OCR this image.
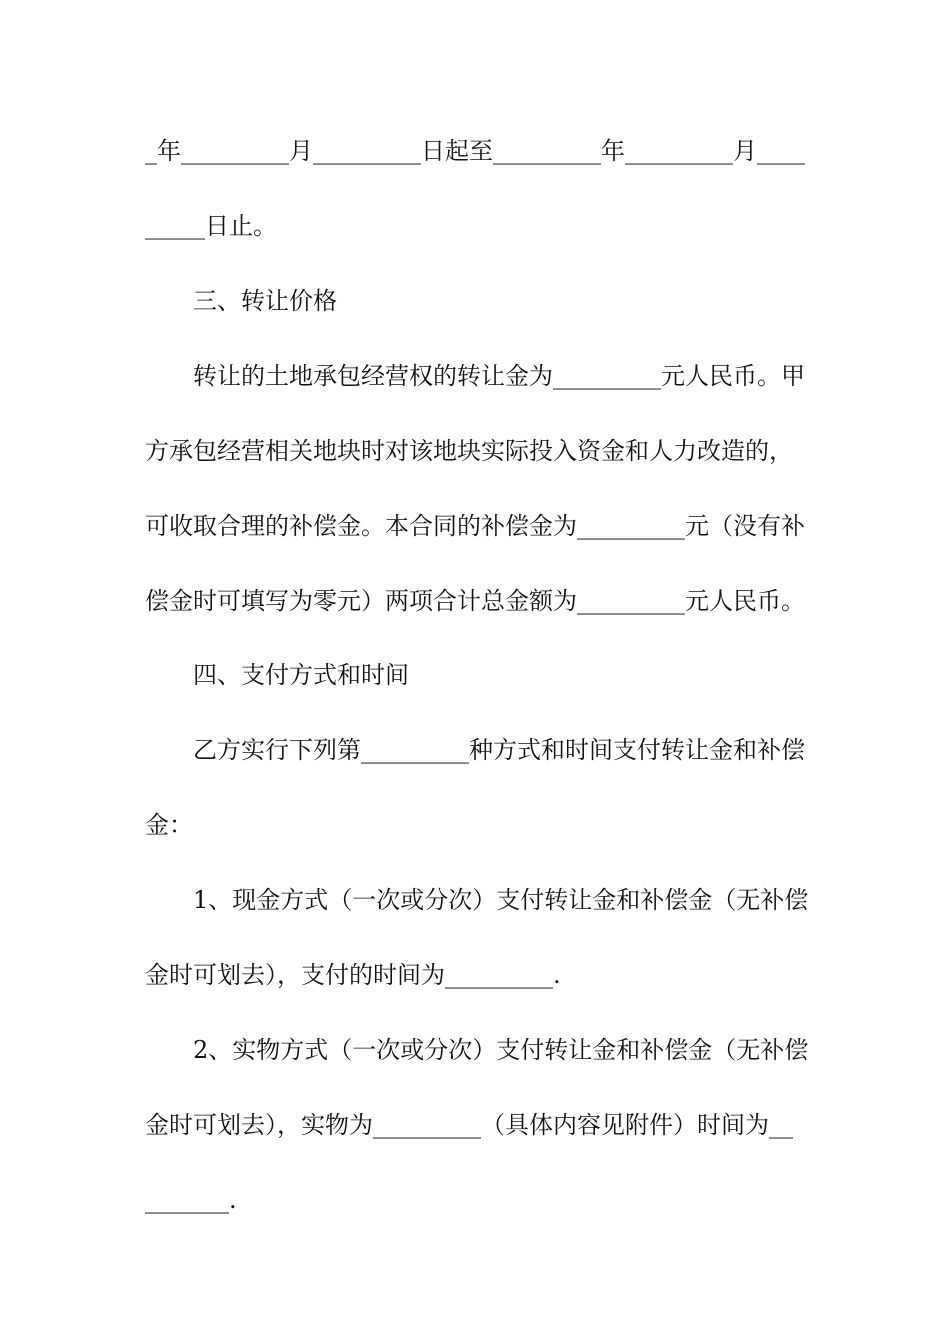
_年_________月_________日起至_________年_________月____
_____日止。
三、转让价格
转让的土地承包经营权的转让金为_________元人民币。甲
方承包经营相关地块时对该地块实际投入资金和人力改造的，
可收取合理的补偿金。本合同的补偿金为_________元（没有补
偿金时可填写为零元）两项合计总金额为_________元人民币。
四、支付方式和时间
乙方实行下列第_________种方式和时间支付转让金和补偿
金：
1、现金方式（一次或分次）支付转让金和补偿金（无补偿
金时可划去），支付的时间为_________.
2、实物方式（一次或分次）支付转让金和补偿金（无补偿
金时可划去），实物为_________（具体内容见附件）时间为__
_______.
